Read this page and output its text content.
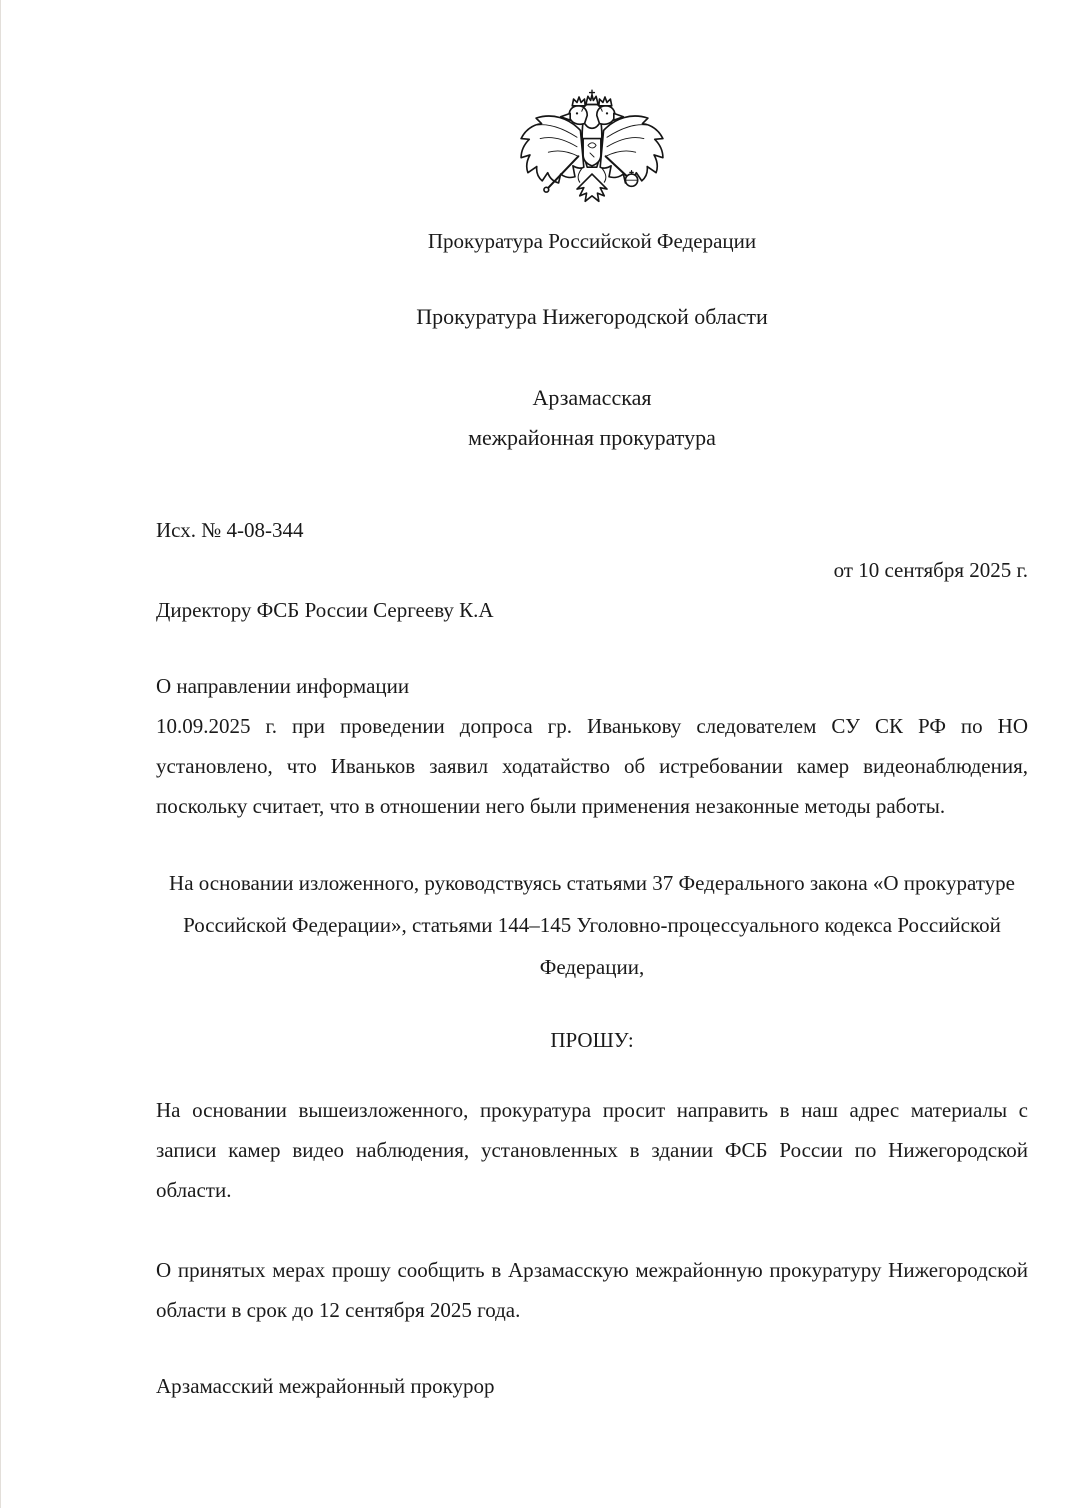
Прокуратура Российской Федерации
Прокуратура Нижегородской области
Арзамасская
межрайонная прокуратура
Исх. № 4-08-344
от 10 сентября 2025 г.
Директору ФСБ России Сергееву К.А
О направлении информации

10.09.2025 г. при проведении допроса гр. Иванькову следователем СУ СК РФ по НО установлено, что Иваньков заявил ходатайство об истребовании камер видеонаблюдения, поскольку считает, что в отношении него были применения незаконные методы работы.

На основании изложенного, руководствуясь статьями 37 Федерального закона «О прокуратуре Российской Федерации», статьями 144–145 Уголовно-процессуального кодекса Российской Федерации,

ПРОШУ:

На основании вышеизложенного, прокуратура просит направить в наш адрес материалы с записи камер видео наблюдения, установленных в здании ФСБ России по Нижегородской области.

О принятых мерах прошу сообщить в Арзамасскую межрайонную прокуратуру Нижегородской области в срок до 12 сентября 2025 года.

Арзамасский межрайонный прокурор
